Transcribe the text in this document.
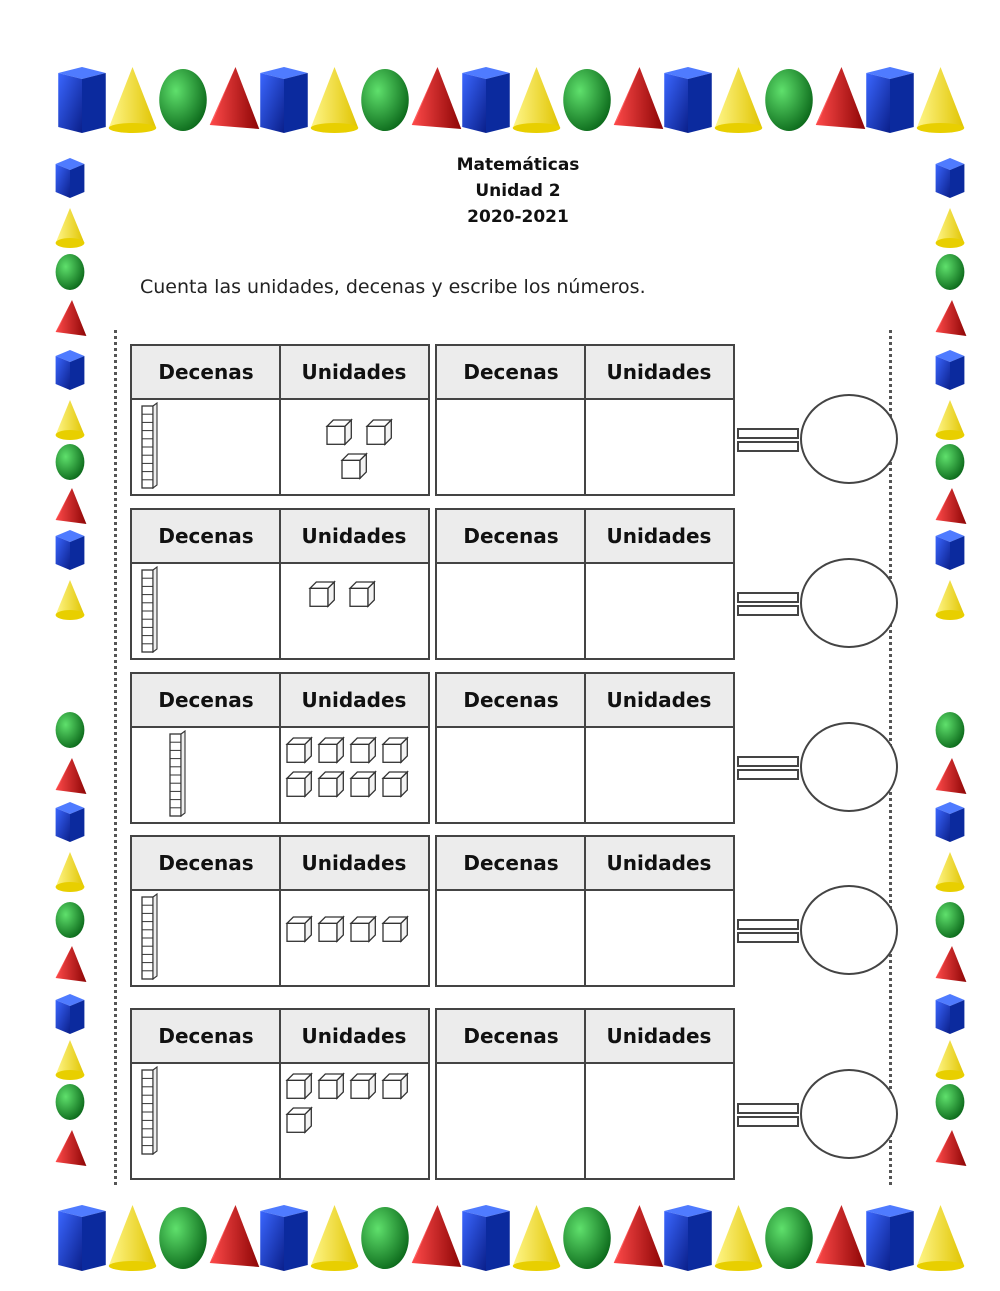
Matemáticas
Unidad 2
2020-2021
Cuenta las unidades, decenas y escribe los números.
Decenas	Unidades	Decenas	Unidades
Decenas	Unidades	Decenas	Unidades
Decenas	Unidades	Decenas	Unidades
Decenas	Unidades	Decenas	Unidades
Decenas	Unidades	Decenas	Unidades
